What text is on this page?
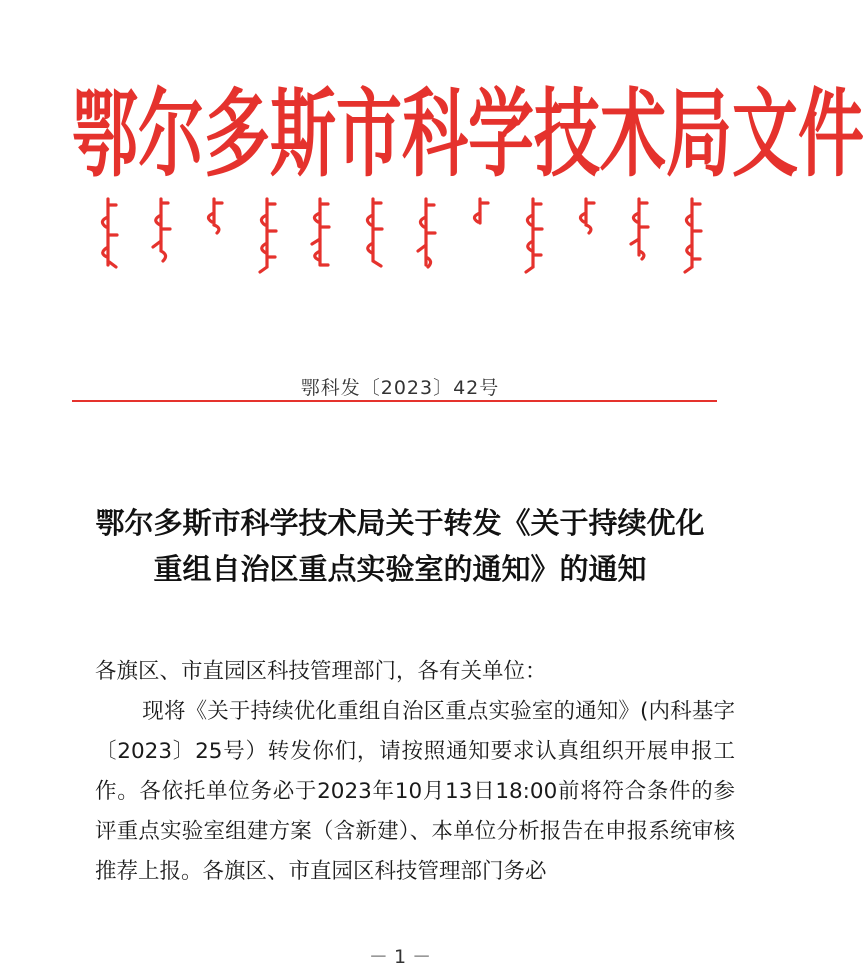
鄂 尔 多 斯 市 科 学 技 术 局 文 件
鄂科发〔2023〕42号
鄂尔多斯市科学技术局关于转发《关于持续优化
重组自治区重点实验室的通知》的通知

各旗区、市直园区科技管理部门，各有关单位：

现将《关于持续优化重组自治区重点实验室的通知》(内科基字〔2023〕25号）转发你们，请按照通知要求认真组织开展申报工作。各依托单位务必于2023年10月13日18:00前将符合条件的参评重点实验室组建方案（含新建）、本单位分析报告在申报系统审核推荐上报。各旗区、市直园区科技管理部门务必

－ 1 －
